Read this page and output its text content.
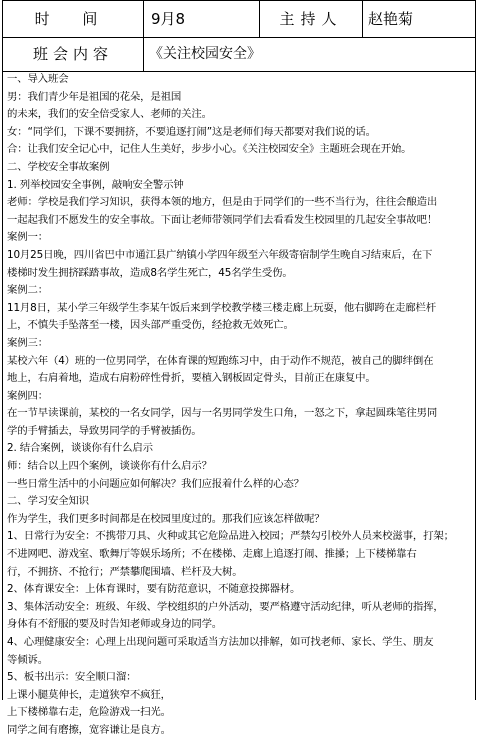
时 间	9月8	主持人	赵艳菊
班会内容	《关注校园安全》
一、导入班会
男：我们青少年是祖国的花朵，是祖国
的未来，我们的安全倍受家人、老师的关注。
女：“同学们，下课不要拥挤，不要追逐打闹”这是老师们每天都要对我们说的话。
合：让我们安全记心中，记住人生美好，步步小心。《关注校园安全》主题班会现在开始。
二、学校安全事故案例
1. 列举校园安全事例，敲响安全警示钟
老师：学校是我们学习知识，获得本领的地方，但是由于同学们的一些不当行为，往往会酿造出
一起起我们不愿发生的安全事故。下面让老师带领同学们去看看发生校园里的几起安全事故吧！
案例一：
10月25日晚，四川省巴中市通江县广纳镇小学四年级至六年级寄宿制学生晚自习结束后，在下
楼梯时发生拥挤踩踏事故，造成8名学生死亡，45名学生受伤。
案例二：
11月8日，某小学三年级学生李某午饭后来到学校教学楼三楼走廊上玩耍，他右脚跨在走廊栏杆
上，不慎失手坠落至一楼，因头部严重受伤，经抢救无效死亡。
案例三：
某校六年（4）班的一位男同学，在体育课的短跑练习中，由于动作不规范，被自己的脚绊倒在
地上，右肩着地，造成右肩粉碎性骨折，要植入钢板固定骨头，目前正在康复中。
案例四：
在一节早读课前，某校的一名女同学，因与一名男同学发生口角，一怒之下，拿起圆珠笔往男同
学的手臂插去，导致男同学的手臂被插伤。
2. 结合案例，谈谈你有什么启示
师：结合以上四个案例，谈谈你有什么启示？
一些日常生活中的小问题应如何解决？我们应报着什么样的心态？
二、学习安全知识
作为学生，我们更多时间都是在校园里度过的。那我们应该怎样做呢？
1、日常行为安全：不携带刀具、火种或其它危险品进入校园；严禁勾引校外人员来校滋事，打架；
不进网吧、游戏室、歌舞厅等娱乐场所；不在楼梯、走廊上追逐打闹、推搡；上下楼梯靠右
行，不拥挤、不抢行；严禁攀爬围墙、栏杆及大树。
2、体育课安全：上体育课时，要有防范意识，不随意投掷器材。
3、集体活动安全：班级、年级、学校组织的户外活动，要严格遵守活动纪律，听从老师的指挥，
身体有不舒服的要及时告知老师或身边的同学。
4、心理健康安全：心理上出现问题可采取适当方法加以排解，如可找老师、家长、学生、朋友
等倾诉。
5、板书出示：安全顺口溜：
上课小腿莫伸长，走道狭窄不疯狂，
上下楼梯靠右走，危险游戏一扫光。
同学之间有磨擦，宽容谦让是良方。
